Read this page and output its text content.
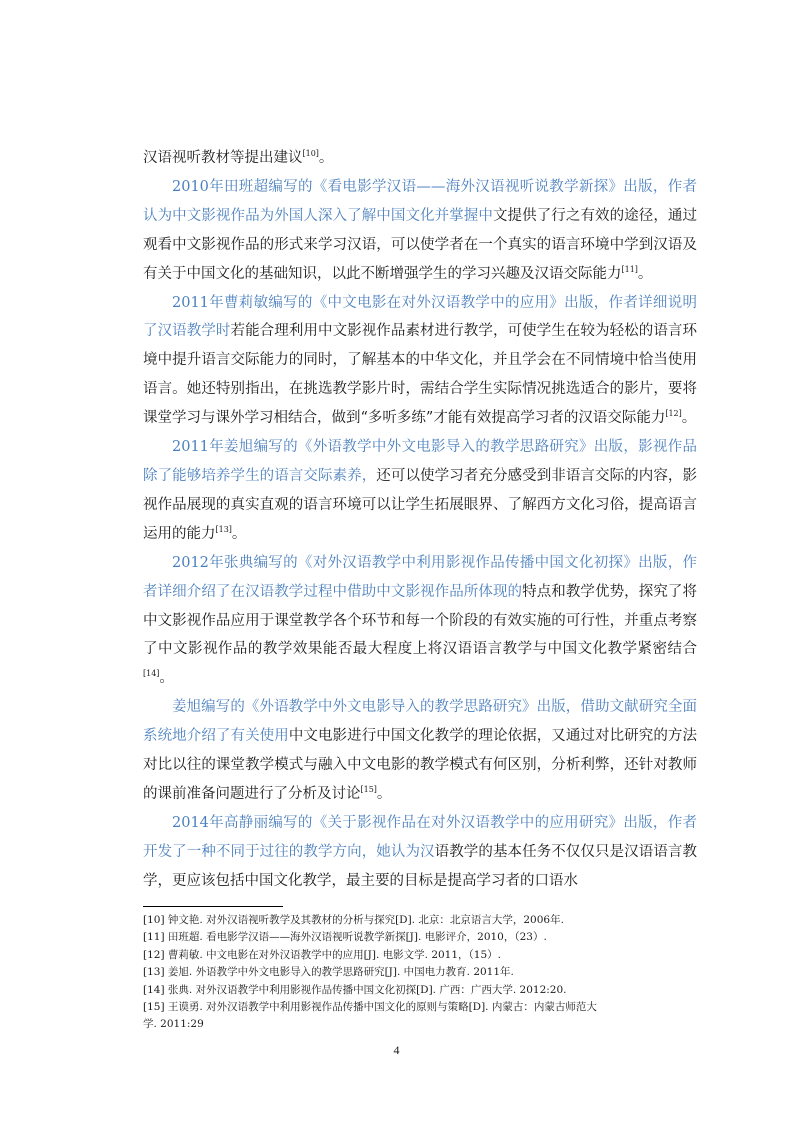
汉语视听教材等提出建议[10]。

2010年田班超编写的《看电影学汉语——海外汉语视听说教学新探》出版，作者认为中文影视作品为外国人深入了解中国文化并掌握中文提供了行之有效的途径，通过观看中文影视作品的形式来学习汉语，可以使学者在一个真实的语言环境中学到汉语及有关于中国文化的基础知识，以此不断增强学生的学习兴趣及汉语交际能力[11]。

2011年曹莉敏编写的《中文电影在对外汉语教学中的应用》出版，作者详细说明了汉语教学时若能合理利用中文影视作品素材进行教学，可使学生在较为轻松的语言环境中提升语言交际能力的同时，了解基本的中华文化，并且学会在不同情境中恰当使用语言。她还特别指出，在挑选教学影片时，需结合学生实际情况挑选适合的影片，要将课堂学习与课外学习相结合，做到“多听多练”才能有效提高学习者的汉语交际能力[12]。

2011年姜旭编写的《外语教学中外文电影导入的教学思路研究》出版，影视作品除了能够培养学生的语言交际素养，还可以使学习者充分感受到非语言交际的内容，影视作品展现的真实直观的语言环境可以让学生拓展眼界、了解西方文化习俗，提高语言运用的能力[13]。

2012年张典编写的《对外汉语教学中利用影视作品传播中国文化初探》出版，作者详细介绍了在汉语教学过程中借助中文影视作品所体现的特点和教学优势，探究了将中文影视作品应用于课堂教学各个环节和每一个阶段的有效实施的可行性，并重点考察了中文影视作品的教学效果能否最大程度上将汉语语言教学与中国文化教学紧密结合[14]。

姜旭编写的《外语教学中外文电影导入的教学思路研究》出版，借助文献研究全面系统地介绍了有关使用中文电影进行中国文化教学的理论依据，又通过对比研究的方法对比以往的课堂教学模式与融入中文电影的教学模式有何区别，分析利弊，还针对教师的课前准备问题进行了分析及讨论[15]。

2014年高静丽编写的《关于影视作品在对外汉语教学中的应用研究》出版，作者开发了一种不同于过往的教学方向，她认为汉语教学的基本任务不仅仅只是汉语语言教学，更应该包括中国文化教学，最主要的目标是提高学习者的口语水

[10] 钟文艳. 对外汉语视听教学及其教材的分析与探究[D]. 北京：北京语言大学，2006年.
[11] 田班超. 看电影学汉语——海外汉语视听说教学新探[J]. 电影评介，2010，（23）.
[12] 曹莉敏. 中文电影在对外汉语教学中的应用[J]. 电影文学. 2011，（15）.
[13] 姜旭. 外语教学中外文电影导入的教学思路研究[J]. 中国电力教育. 2011年.
[14] 张典. 对外汉语教学中利用影视作品传播中国文化初探[D]. 广西：广西大学. 2012:20.
[15] 王谟勇. 对外汉语教学中利用影视作品传播中国文化的原则与策略[D]. 内蒙古：内蒙古师范大
学. 2011:29
4
